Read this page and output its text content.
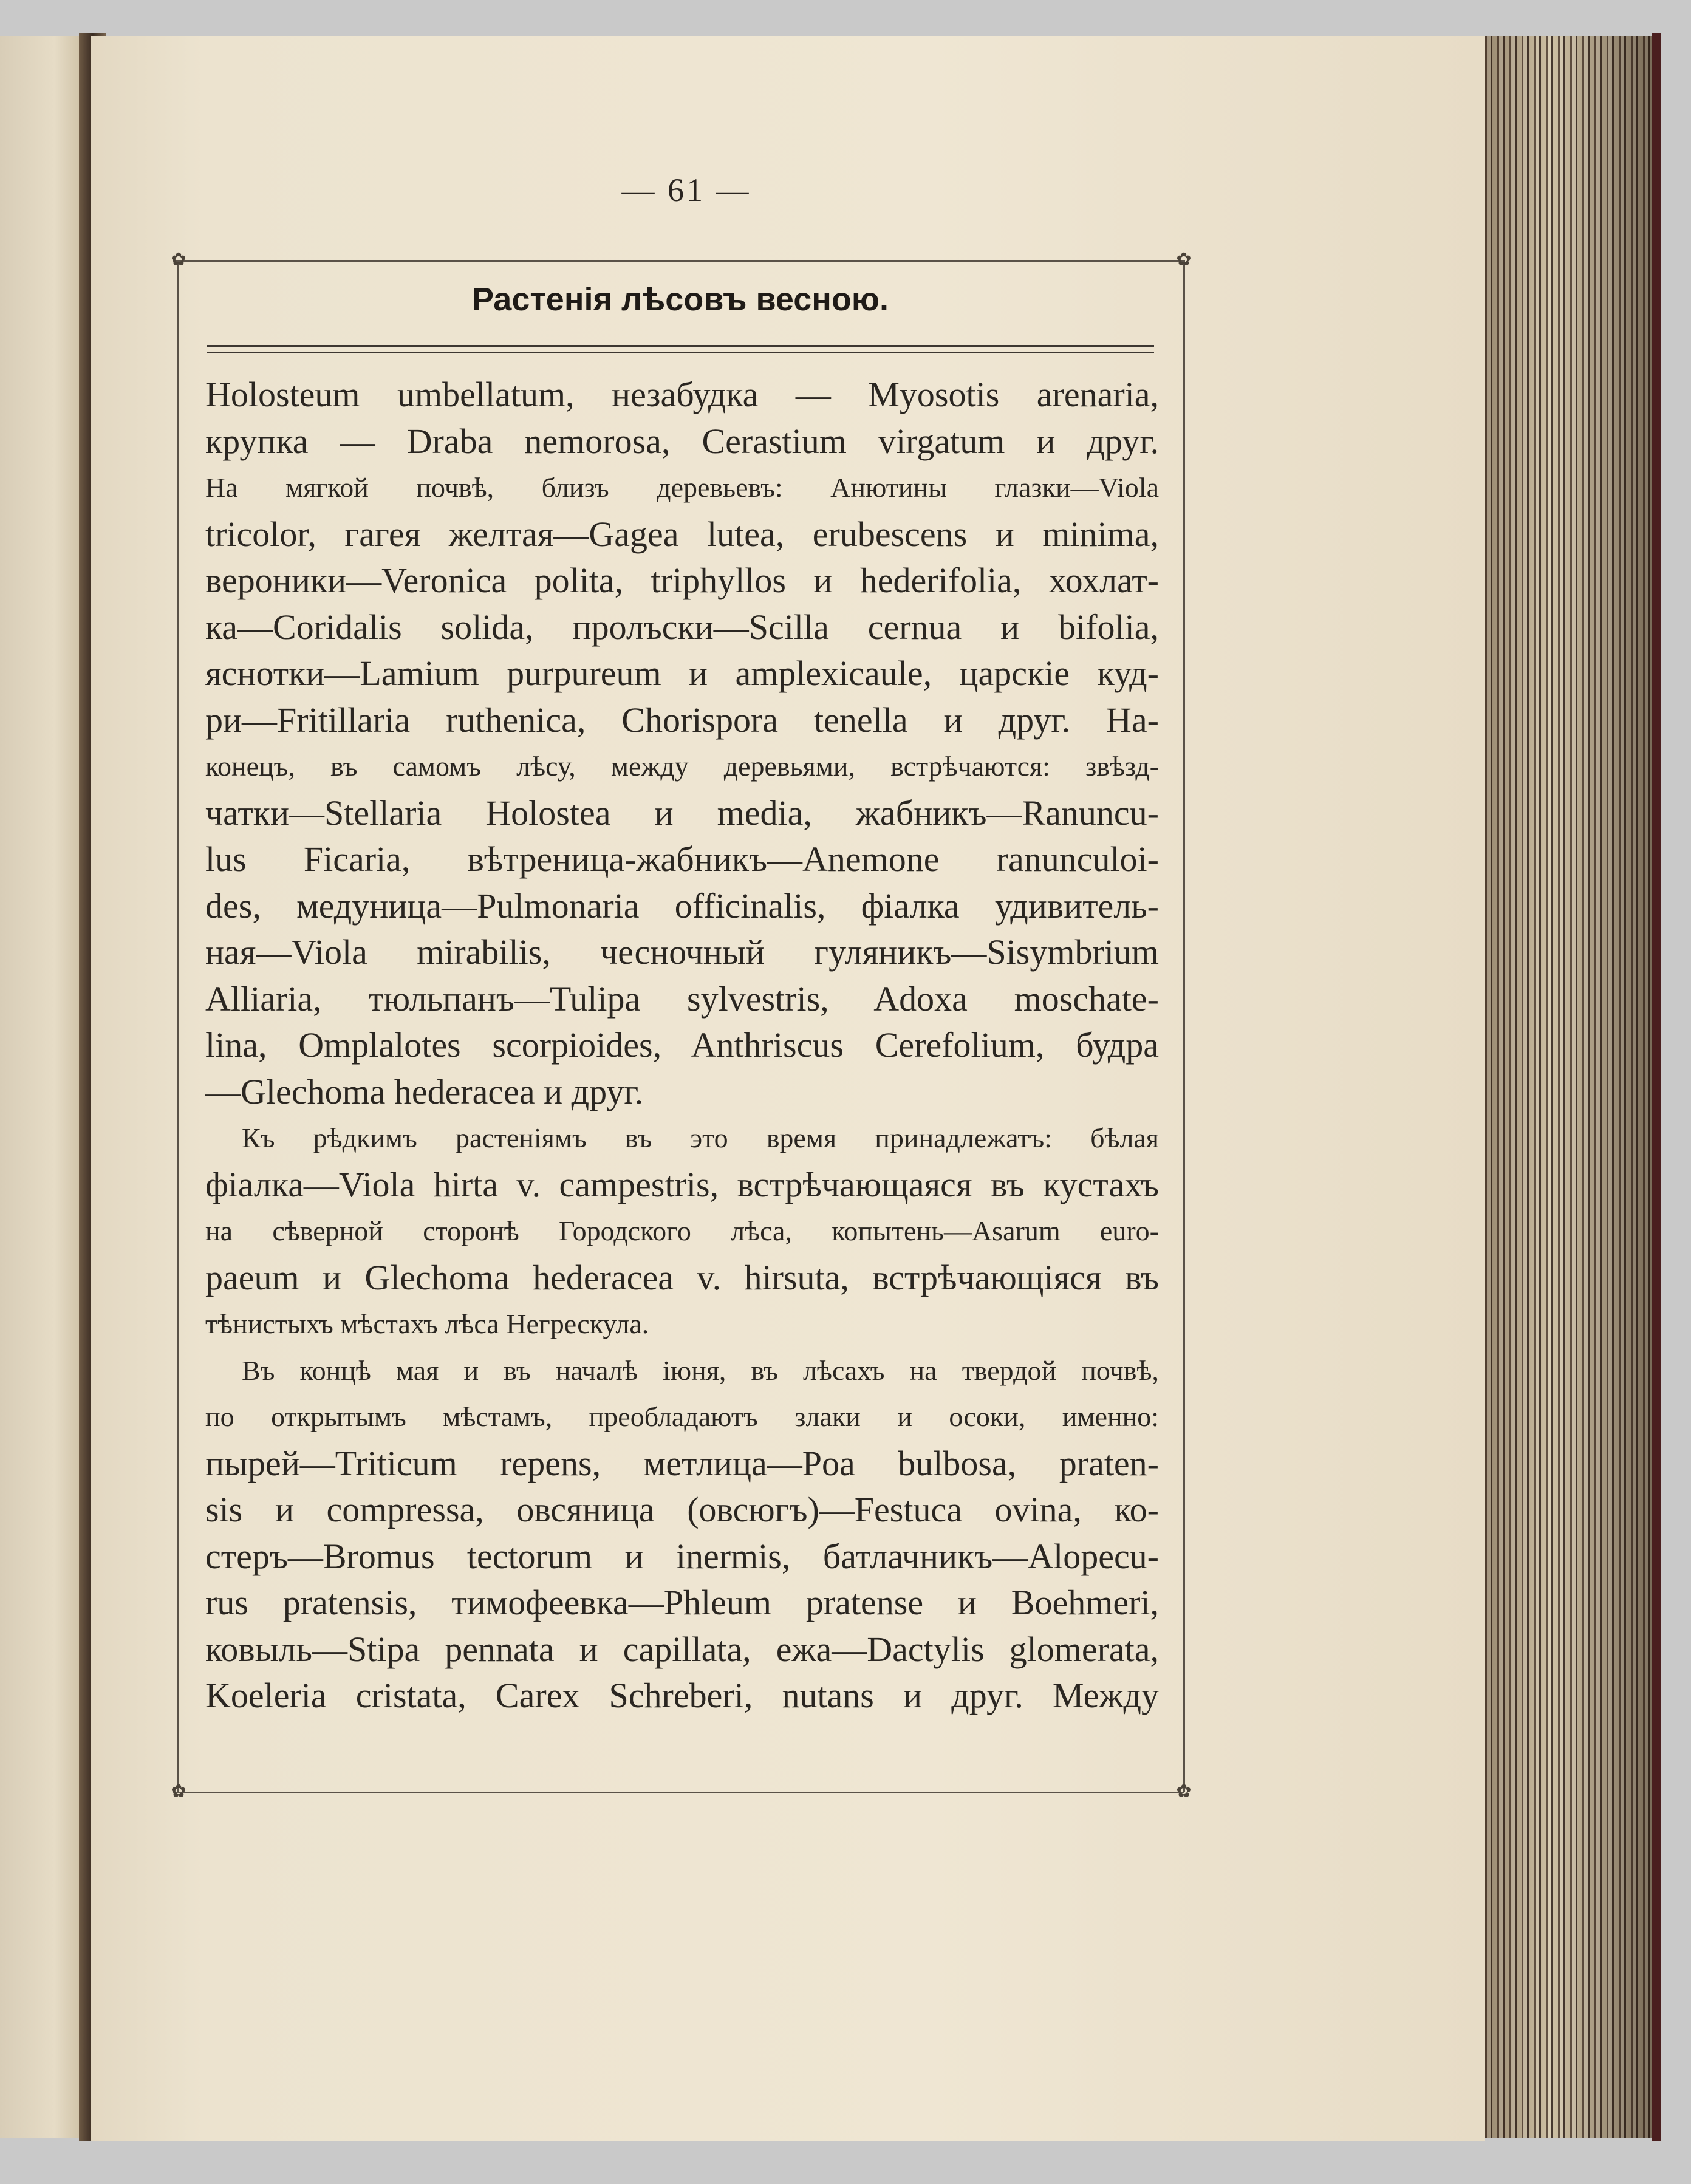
— 61 —
✿	✿
✿	✿
Растенія лѣсовъ весною.
Holosteum umbellatum, незабудка — Myosotis arenaria,
крупка — Draba nemorosa, Cerastium virgatum и друг.
На мягкой почвѣ, близъ деревьевъ: Анютины глазки—Viola
tricolor, гагея желтая—Gagea lutea, erubescens и minima,
вероники—Veronica polita, triphyllos и hederifolia, хохлат-
ка—Coridalis solida, пролъски—Scilla cernua и bifolia,
яснотки—Lamium purpureum и amplexicaule, царскіе куд-
ри—Fritillaria ruthenica, Chorispora tenella и друг. На-
конецъ, въ самомъ лѣсу, между деревьями, встрѣчаются: звѣзд-
чатки—Stellaria Holostea и media, жабникъ—Ranuncu-
lus Ficaria, вѣтреница-жабникъ—Anemone ranunculoi-
des, медуница—Pulmonaria officinalis, фіалка удивитель-
ная—Viola mirabilis, чесночный гуляникъ—Sisymbrium
Alliaria, тюльпанъ—Tulipa sylvestris, Adoxa moschate-
lina, Omplalotes scorpioides, Anthriscus Cerefolium, будра
—Glechoma hederacea и друг.
Къ рѣдкимъ растеніямъ въ это время принадлежатъ: бѣлая
фіалка—Viola hirta v. campestris, встрѣчающаяся въ кустахъ
на сѣверной сторонѣ Городского лѣса, копытень—Asarum euro-
paeum и Glechoma hederacea v. hirsuta, встрѣчающіяся въ
тѣнистыхъ мѣстахъ лѣса Негрескула.
Въ концѣ мая и въ началѣ іюня, въ лѣсахъ на твердой почвѣ,
по открытымъ мѣстамъ, преобладаютъ злаки и осоки, именно:
пырей—Triticum repens, метлица—Poa bulbosa, praten-
sis и compressa, овсяница (овсюгъ)—Festuca ovina, ко-
стеръ—Bromus tectorum и inermis, батлачникъ—Alopecu-
rus pratensis, тимофеевка—Phleum pratense и Boehmeri,
ковыль—Stipa pennata и capillata, ежа—Dactylis glomerata,
Koeleria cristata, Carex Schreberi, nutans и друг. Между
